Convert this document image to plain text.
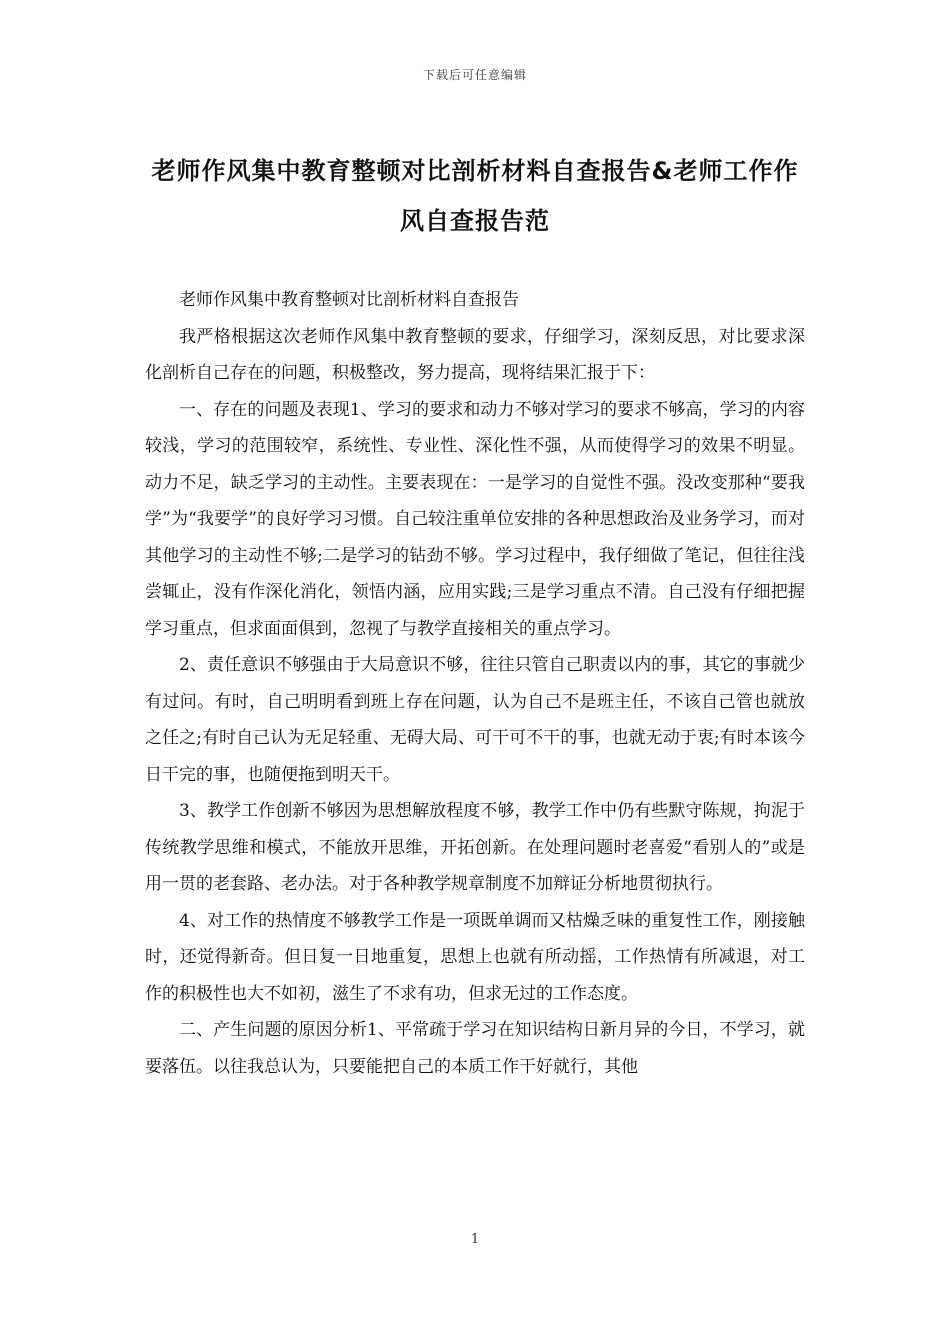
下载后可任意编辑
老师作风集中教育整顿对比剖析材料自查报告&老师工作作风自查报告范

老师作风集中教育整顿对比剖析材料自查报告

我严格根据这次老师作风集中教育整顿的要求，仔细学习，深刻反思，对比要求深化剖析自己存在的问题，积极整改，努力提高，现将结果汇报于下：

一、存在的问题及表现1、学习的要求和动力不够对学习的要求不够高，学习的内容较浅，学习的范围较窄，系统性、专业性、深化性不强，从而使得学习的效果不明显。动力不足，缺乏学习的主动性。主要表现在：一是学习的自觉性不强。没改变那种“要我学”为“我要学”的良好学习习惯。自己较注重单位安排的各种思想政治及业务学习，而对其他学习的主动性不够;二是学习的钻劲不够。学习过程中，我仔细做了笔记，但往往浅尝辄止，没有作深化消化，领悟内涵，应用实践;三是学习重点不清。自己没有仔细把握学习重点，但求面面俱到，忽视了与教学直接相关的重点学习。

2、责任意识不够强由于大局意识不够，往往只管自己职责以内的事，其它的事就少有过问。有时，自己明明看到班上存在问题，认为自己不是班主任，不该自己管也就放之任之;有时自己认为无足轻重、无碍大局、可干可不干的事，也就无动于衷;有时本该今日干完的事，也随便拖到明天干。

3、教学工作创新不够因为思想解放程度不够，教学工作中仍有些默守陈规，拘泥于传统教学思维和模式，不能放开思维，开拓创新。在处理问题时老喜爱“看别人的”或是用一贯的老套路、老办法。对于各种教学规章制度不加辩证分析地贯彻执行。

4、对工作的热情度不够教学工作是一项既单调而又枯燥乏味的重复性工作，刚接触时，还觉得新奇。但日复一日地重复，思想上也就有所动摇，工作热情有所减退，对工作的积极性也大不如初，滋生了不求有功，但求无过的工作态度。

二、产生问题的原因分析1、平常疏于学习在知识结构日新月异的今日，不学习，就要落伍。以往我总认为，只要能把自己的本质工作干好就行，其他

1
